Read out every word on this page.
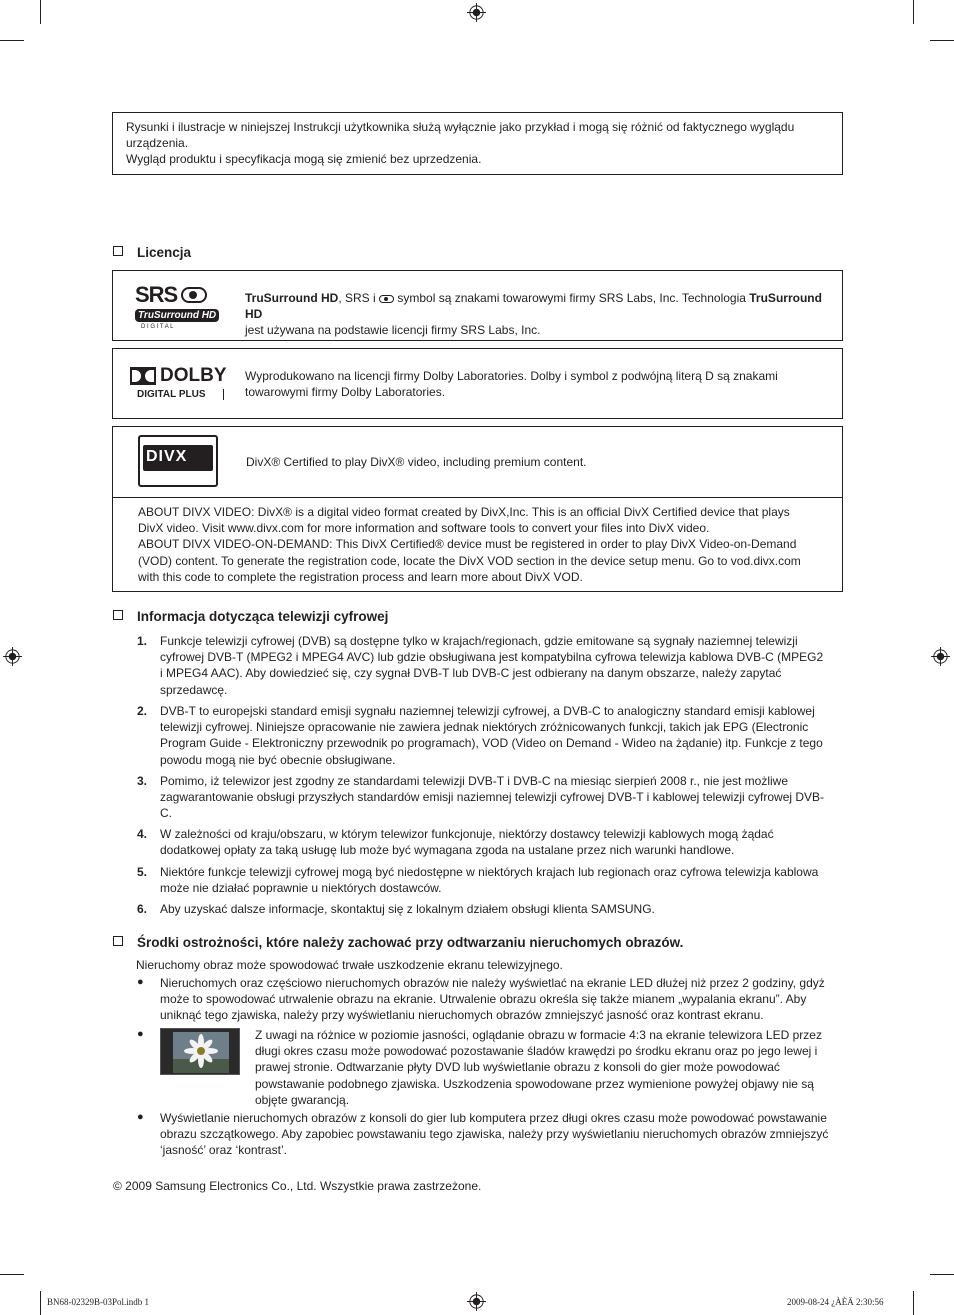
Rysunki i ilustracje w niniejszej Instrukcji użytkownika służą wyłącznie jako przykład i mogą się różnić od faktycznego wyglądu
urządzenia.
Wygląd produktu i specyfikacja mogą się zmienić bez uprzedzenia.
Licencja
SRS
TruSurround HD
D I G I T A L
TruSurround HD, SRS i
symbol są znakami towarowymi firmy SRS Labs, Inc. Technologia TruSurround HD
jest używana na podstawie licencji firmy SRS Labs, Inc.
DOLBY
DIGITAL PLUS
Wyprodukowano na licencji firmy Dolby Laboratories. Dolby i symbol z podwójną literą D są znakami
towarowymi firmy Dolby Laboratories.
DIVX	DivX® Certified to play DivX® video, including premium content.
ABOUT DIVX VIDEO: DivX® is a digital video format created by DivX,Inc. This is an official DivX Certified device that plays
DivX video. Visit www.divx.com for more information and software tools to convert your files into DivX video.
ABOUT DIVX VIDEO-ON-DEMAND: This DivX Certified® device must be registered in order to play DivX Video-on-Demand
(VOD) content. To generate the registration code, locate the DivX VOD section in the device setup menu. Go to vod.divx.com
with this code to complete the registration process and learn more about DivX VOD.
Informacja dotycząca telewizji cyfrowej
1. Funkcje telewizji cyfrowej (DVB) są dostępne tylko w krajach/regionach, gdzie emitowane są sygnały naziemnej telewizji
cyfrowej DVB-T (MPEG2 i MPEG4 AVC) lub gdzie obsługiwana jest kompatybilna cyfrowa telewizja kablowa DVB-C (MPEG2
i MPEG4 AAC). Aby dowiedzieć się, czy sygnał DVB-T lub DVB-C jest odbierany na danym obszarze, należy zapytać
sprzedawcę.
2. DVB-T to europejski standard emisji sygnału naziemnej telewizji cyfrowej, a DVB-C to analogiczny standard emisji kablowej
telewizji cyfrowej. Niniejsze opracowanie nie zawiera jednak niektórych zróżnicowanych funkcji, takich jak EPG (Electronic
Program Guide - Elektroniczny przewodnik po programach), VOD (Video on Demand - Wideo na żądanie) itp. Funkcje z tego
powodu mogą nie być obecnie obsługiwane.
3. Pomimo, iż telewizor jest zgodny ze standardami telewizji DVB-T i DVB-C na miesiąc sierpień 2008 r., nie jest możliwe
zagwarantowanie obsługi przyszłych standardów emisji naziemnej telewizji cyfrowej DVB-T i kablowej telewizji cyfrowej DVB-
C.
4. W zależności od kraju/obszaru, w którym telewizor funkcjonuje, niektórzy dostawcy telewizji kablowych mogą żądać
dodatkowej opłaty za taką usługę lub może być wymagana zgoda na ustalane przez nich warunki handlowe.
5. Niektóre funkcje telewizji cyfrowej mogą być niedostępne w niektórych krajach lub regionach oraz cyfrowa telewizja kablowa
może nie działać poprawnie u niektórych dostawców.
6. Aby uzyskać dalsze informacje, skontaktuj się z lokalnym działem obsługi klienta SAMSUNG.
Środki ostrożności, które należy zachować przy odtwarzaniu nieruchomych obrazów.
Nieruchomy obraz może spowodować trwałe uszkodzenie ekranu telewizyjnego.
● Nieruchomych oraz częściowo nieruchomych obrazów nie należy wyświetlać na ekranie LED dłużej niż przez 2 godziny, gdyż
może to spowodować utrwalenie obrazu na ekranie. Utrwalenie obrazu określa się także mianem „wypalania ekranu”. Aby
uniknąć tego zjawiska, należy przy wyświetlaniu nieruchomych obrazów zmniejszyć jasność oraz kontrast ekranu.
●	Z uwagi na różnice w poziomie jasności, oglądanie obrazu w formacie 4:3 na ekranie telewizora LED przez
długi okres czasu może powodować pozostawanie śladów krawędzi po środku ekranu oraz po jego lewej i
prawej stronie. Odtwarzanie płyty DVD lub wyświetlanie obrazu z konsoli do gier może powodować
powstawanie podobnego zjawiska. Uszkodzenia spowodowane przez wymienione powyżej objawy nie są
objęte gwarancją.
● Wyświetlanie nieruchomych obrazów z konsoli do gier lub komputera przez długi okres czasu może powodować powstawanie
obrazu szczątkowego. Aby zapobiec powstawaniu tego zjawiska, należy przy wyświetlaniu nieruchomych obrazów zmniejszyć
‘jasność’ oraz ‘kontrast’.
© 2009 Samsung Electronics Co., Ltd. Wszystkie prawa zastrzeżone.
BN68-02329B-03Pol.indb 1	2009-08-24 ¿ÀÈÄ 2:30:56
